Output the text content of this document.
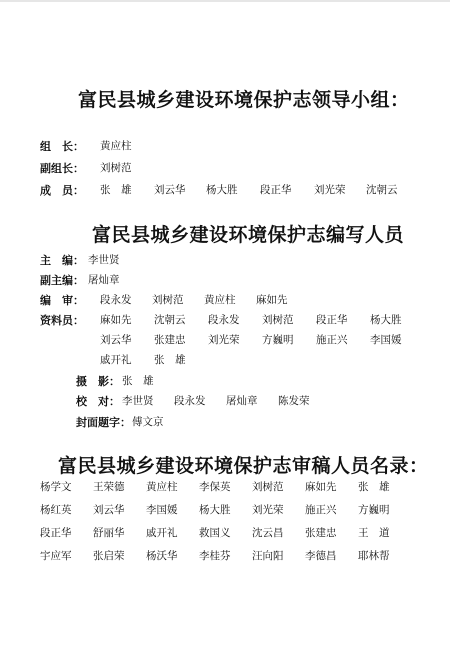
富民县城乡建设环境保护志领导小组：
组　长： 黄应柱
副组长： 刘树范
成　员： 张　雄 刘云华 杨大胜 段正华 刘光荣 沈朝云
富民县城乡建设环境保护志编写人员
主　编： 李世贤
副主编： 屠灿章
编　审： 段永发 刘树范 黄应柱 麻如先
资料员： 麻如先 沈朝云 段永发 刘树范 段正华 杨大胜
刘云华 张建忠 刘光荣 方巍明 施正兴 李国媛
戚开礼 张　雄
摄　影： 张　雄
校　对： 李世贤 段永发 屠灿章 陈发荣
封面题字： 傅文京
富民县城乡建设环境保护志审稿人员名录：
杨学文 王荣德 黄应柱 李保英 刘树范 麻如先 张　雄
杨红英 刘云华 李国媛 杨大胜 刘光荣 施正兴 方巍明
段正华 舒丽华 戚开礼 救国义 沈云昌 张建忠 王　道
宇应军 张启荣 杨沃华 李桂芬 汪向阳 李德昌 耶林帮
